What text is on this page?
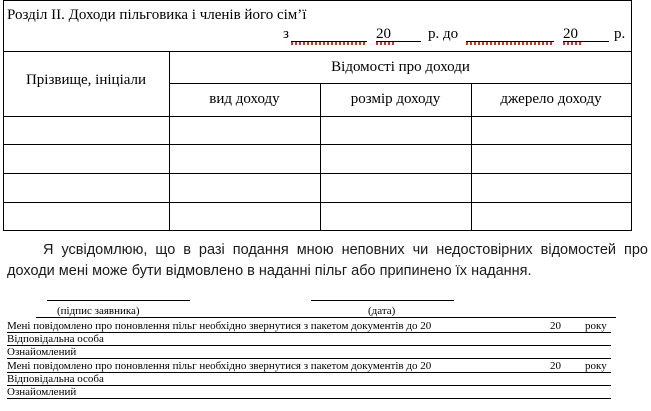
Розділ ІІ. Доходи пільговика і членів його сім’ї
з	20 р. до	20 р.
Прізвище, ініціали
Відомості про доходи
вид доходу	розмір доходу	джерело доходу
Я усвідомлюю, що в разі подання мною неповних чи недостовірних відомостей про доходи мені може бути відмовлено в наданні пільг або припинено їх надання.
(підпис заявника)	(дата)
Мені повідомлено про поновлення пільг необхідно звернутися з пакетом документів до 20	20 року
Відповідальна особа
Ознайомлений
Мені повідомлено про поновлення пільг необхідно звернутися з пакетом документів до 20	20 року
Відповідальна особа
Ознайомлений
